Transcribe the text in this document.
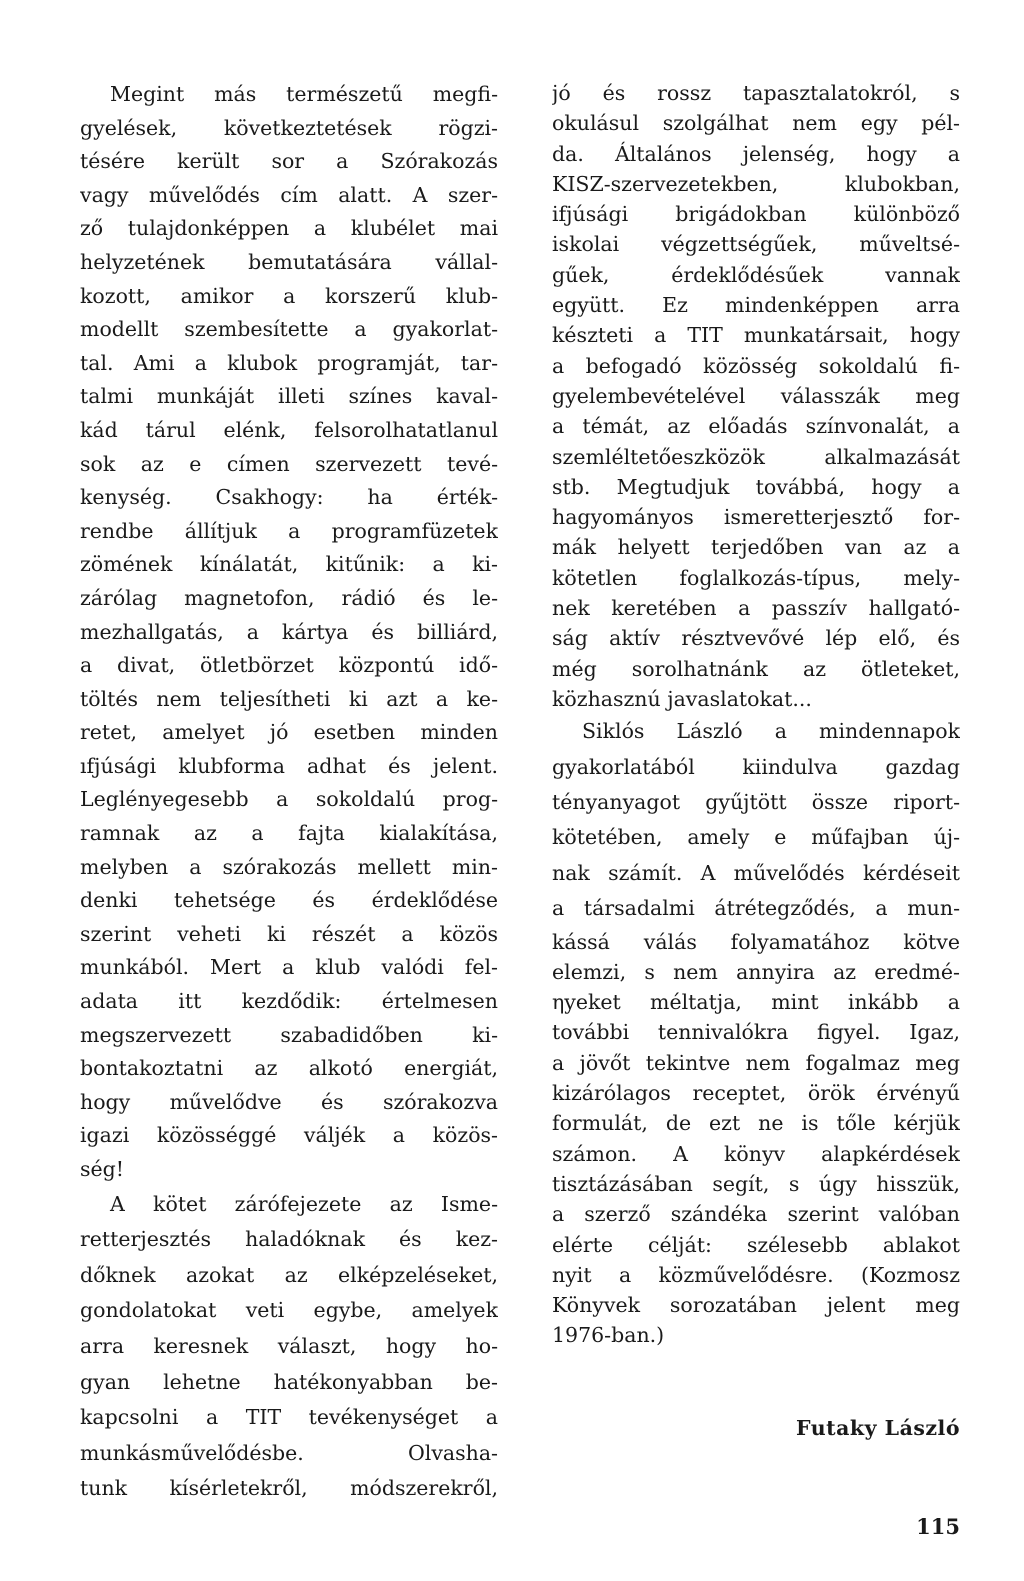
Megint más természetű megfi-
gyelések, következtetések rögzi-
tésére került sor a Szórakozás
vagy művelődés cím alatt. A szer-
ző tulajdonképpen a klubélet mai
helyzetének bemutatására vállal-
kozott, amikor a korszerű klub-
modellt szembesítette a gyakorlat-
tal. Ami a klubok programját, tar-
talmi munkáját illeti színes kaval-
kád tárul elénk, felsorolhatatlanul
sok az e címen szervezett tevé-
kenység. Csakhogy: ha érték-
rendbe állítjuk a programfüzetek
zömének kínálatát, kitűnik: a ki-
zárólag magnetofon, rádió és le-
mezhallgatás, a kártya és billiárd,
a divat, ötletbörzet központú idő-
töltés nem teljesítheti ki azt a ke-
retet, amelyet jó esetben minden
ıfjúsági klubforma adhat és jelent.
Leglényegesebb a sokoldalú prog-
ramnak az a fajta kialakítása,
melyben a szórakozás mellett min-
denki tehetsége és érdeklődése
szerint veheti ki részét a közös
munkából. Mert a klub valódi fel-
adata itt kezdődik: értelmesen
megszervezett szabadidőben ki-
bontakoztatni az alkotó energiát,
hogy művelődve és szórakozva
igazi közösséggé váljék a közös-
ség!
A kötet zárófejezete az Isme-
retterjesztés haladóknak és kez-
dőknek azokat az elképzeléseket,
gondolatokat veti egybe, amelyek
arra keresnek választ, hogy ho-
gyan lehetne hatékonyabban be-
kapcsolni a TIT tevékenységet a
munkásművelődésbe. Olvasha-
tunk kísérletekről, módszerekről,
jó és rossz tapasztalatokról, s
okulásul szolgálhat nem egy pél-
da. Általános jelenség, hogy a
KISZ-szervezetekben, klubokban,
ifjúsági brigádokban különböző
iskolai végzettségűek, műveltsé-
gűek, érdeklődésűek vannak
együtt. Ez mindenképpen arra
készteti a TIT munkatársait, hogy
a befogadó közösség sokoldalú fi-
gyelembevételével válasszák meg
a témát, az előadás színvonalát, a
szemléltetőeszközök alkalmazását
stb. Megtudjuk továbbá, hogy a
hagyományos ismeretterjesztő for-
mák helyett terjedőben van az a
kötetlen foglalkozás-típus, mely-
nek keretében a passzív hallgató-
ság aktív résztvevővé lép elő, és
még sorolhatnánk az ötleteket,
közhasznú javaslatokat...
Siklós László a mindennapok
gyakorlatából kiindulva gazdag
tényanyagot gyűjtött össze riport-
kötetében, amely e műfajban új-
nak számít. A művelődés kérdéseit
a társadalmi átrétegződés, a mun-
kássá válás folyamatához kötve
elemzi, s nem annyira az eredmé-
ηyeket méltatja, mint inkább a
további tennivalókra figyel. Igaz,
a jövőt tekintve nem fogalmaz meg
kizárólagos receptet, örök érvényű
formulát, de ezt ne is tőle kérjük
számon. A könyv alapkérdések
tisztázásában segít, s úgy hisszük,
a szerző szándéka szerint valóban
elérte célját: szélesebb ablakot
nyit a közművelődésre. (Kozmosz
Könyvek sorozatában jelent meg
1976-ban.)
Futaky László
115
